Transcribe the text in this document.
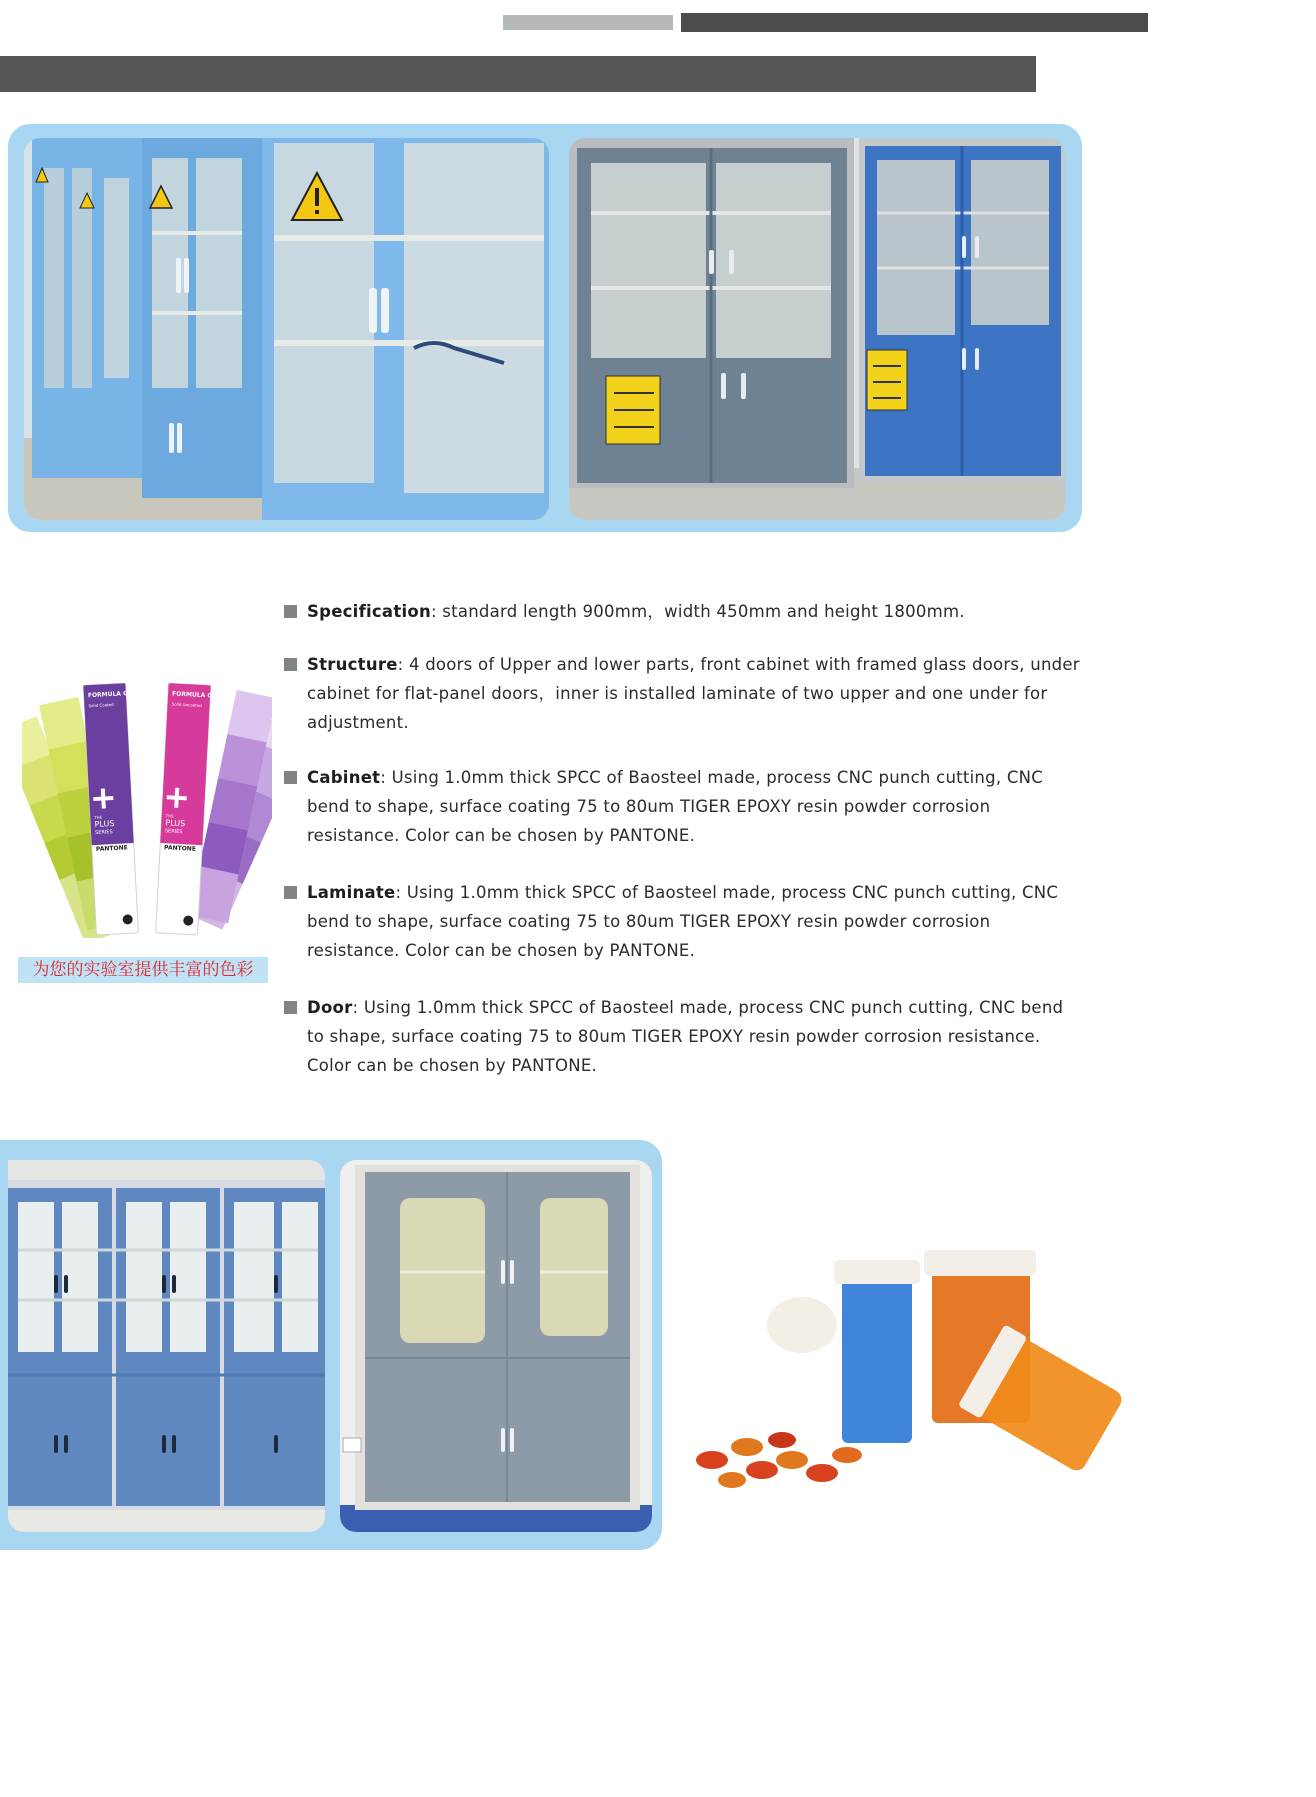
FORMULA GUIDE
Solid Coated
THE
PLUS
SERIES
PANTONE
FORMULA GUIDE
Solid Uncoated
THE
PLUS
SERIES
PANTONE
为您的实验室提供丰富的色彩

Specification: standard length 900mm，width 450mm and height 1800mm.

Structure: 4 doors of Upper and lower parts, front cabinet with framed glass doors, under cabinet for flat-panel doors，inner is installed laminate of two upper and one under for adjustment.

Cabinet: Using 1.0mm thick SPCC of Baosteel made, process CNC punch cutting, CNC bend to shape, surface coating 75 to 80um TIGER EPOXY resin powder corrosion resistance. Color can be chosen by PANTONE.

Laminate: Using 1.0mm thick SPCC of Baosteel made, process CNC punch cutting, CNC bend to shape, surface coating 75 to 80um TIGER EPOXY resin powder corrosion resistance. Color can be chosen by PANTONE.

Door: Using 1.0mm thick SPCC of Baosteel made, process CNC punch cutting, CNC bend to shape, surface coating 75 to 80um TIGER EPOXY resin powder corrosion resistance. Color can be chosen by PANTONE.
